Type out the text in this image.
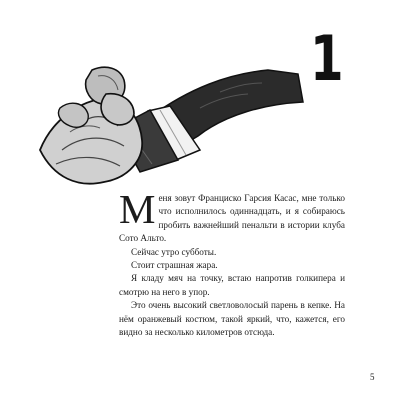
1

Меня зовут Франциско Гарсия Касас, мне только что исполнилось одиннадцать, и я собираюсь пробить важнейший пенальти в истории клуба Сото Альто.

Сейчас утро субботы.

Стоит страшная жара.

Я кладу мяч на точку, встаю напротив голкипера и смотрю на него в упор.

Это очень высокий светловолосый парень в кепке. На нём оранжевый костюм, такой яркий, что, кажется, его видно за несколько километров отсюда.

5
